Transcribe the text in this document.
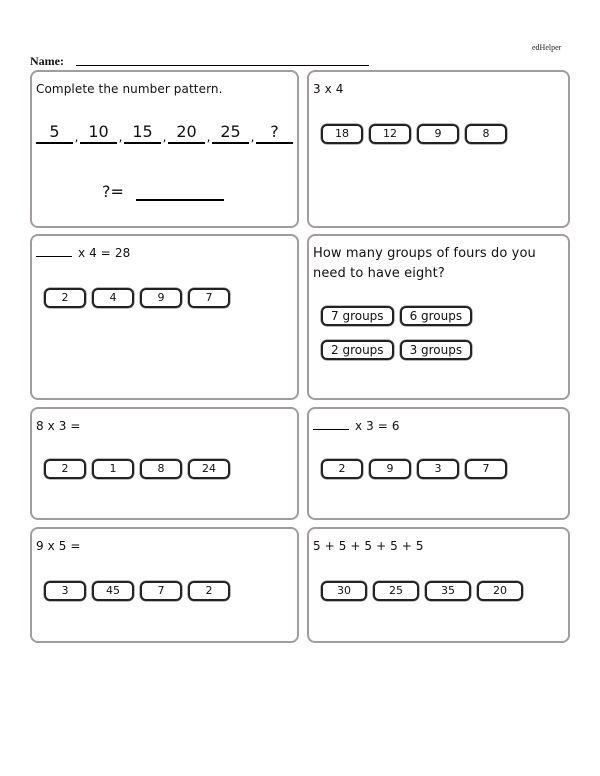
edHelper
Name:
Complete the number pattern.
5	, 10 , 15 , 20 , 25 , ?
?=
3 x 4
18	12	9	8
x 4 = 28
2	4	9	7
How many groups of fours do you
need to have eight?
7 groups	6 groups
2 groups	3 groups
8 x 3 =
2	1	8	24
x 3 = 6
2	9	3	7
9 x 5 =
3	45	7	2
5 + 5 + 5 + 5 + 5
30	25	35	20
